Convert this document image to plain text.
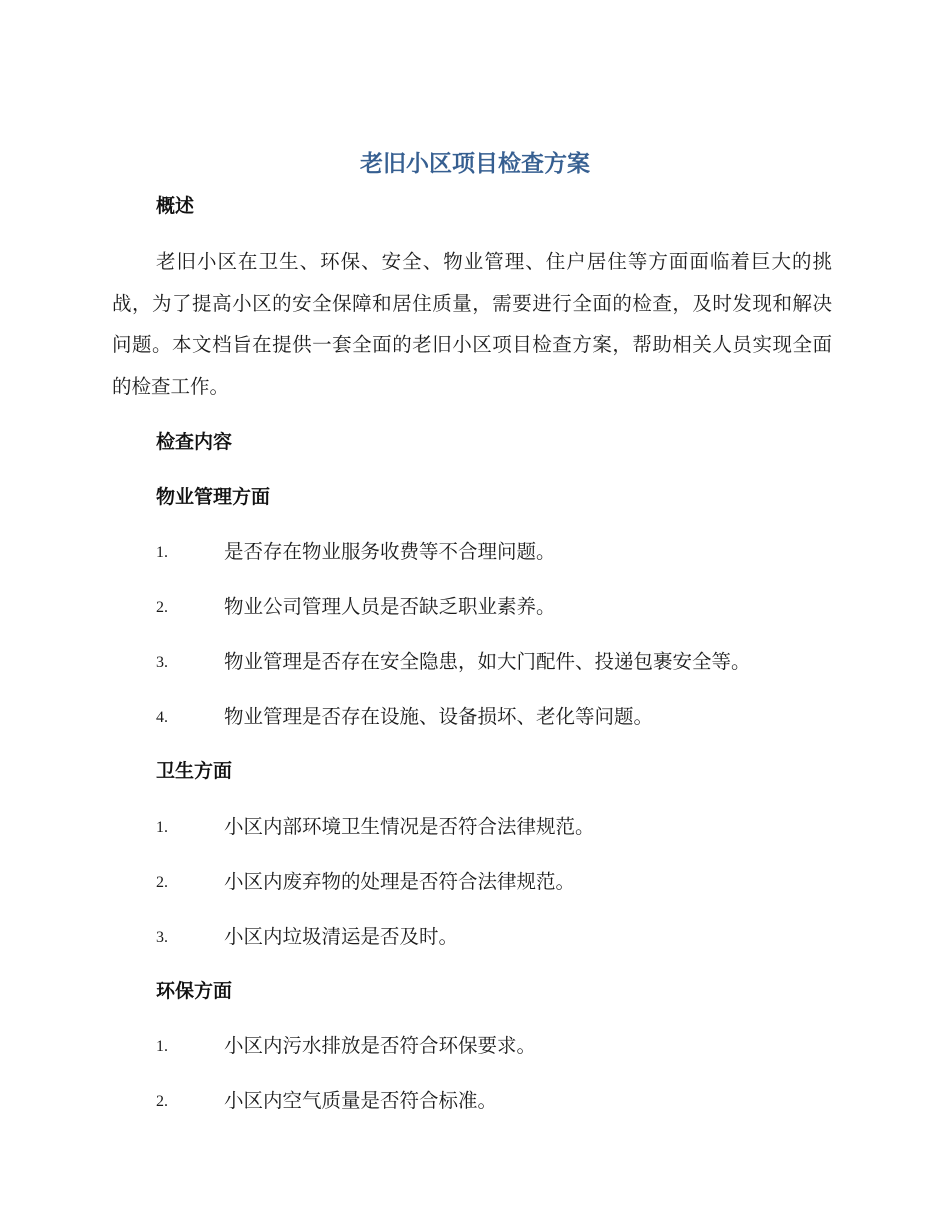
老旧小区项目检查方案
概述

老旧小区在卫生、环保、安全、物业管理、住户居住等方面面临着巨大的挑战，为了提高小区的安全保障和居住质量，需要进行全面的检查，及时发现和解决问题。本文档旨在提供一套全面的老旧小区项目检查方案，帮助相关人员实现全面的检查工作。

检查内容
物业管理方面
1.	是否存在物业服务收费等不合理问题。
2.	物业公司管理人员是否缺乏职业素养。
3.	物业管理是否存在安全隐患，如大门配件、投递包裹安全等。
4.	物业管理是否存在设施、设备损坏、老化等问题。
卫生方面
1.	小区内部环境卫生情况是否符合法律规范。
2.	小区内废弃物的处理是否符合法律规范。
3.	小区内垃圾清运是否及时。
环保方面
1.	小区内污水排放是否符合环保要求。
2.	小区内空气质量是否符合标准。
